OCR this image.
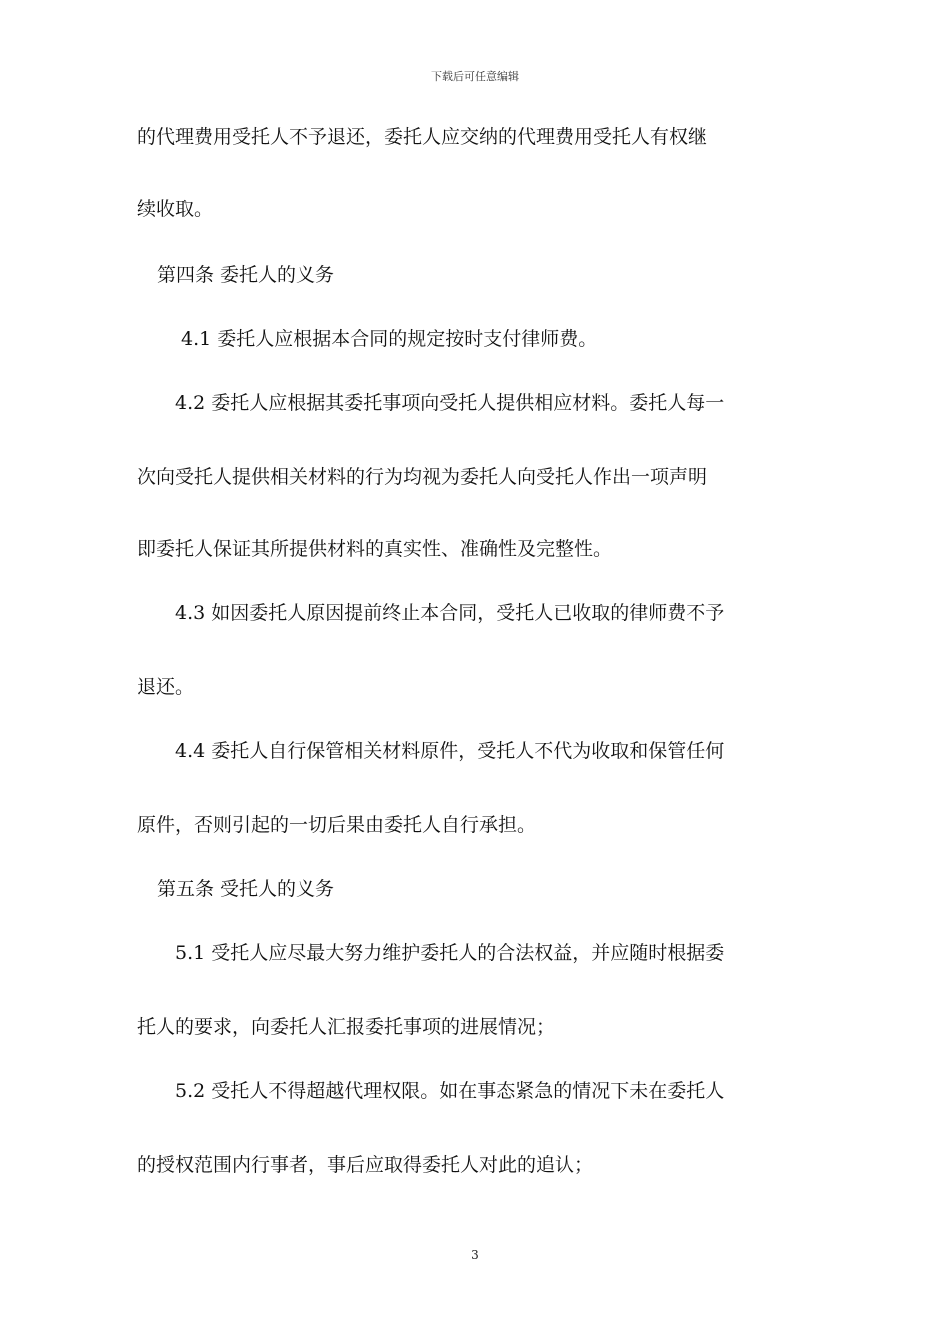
下载后可任意编辑
的代理费用受托人不予退还，委托人应交纳的代理费用受托人有权继
续收取。
第四条 委托人的义务
4.1 委托人应根据本合同的规定按时支付律师费。
4.2 委托人应根据其委托事项向受托人提供相应材料。委托人每一
次向受托人提供相关材料的行为均视为委托人向受托人作出一项声明
即委托人保证其所提供材料的真实性、准确性及完整性。
4.3 如因委托人原因提前终止本合同，受托人已收取的律师费不予
退还。
4.4 委托人自行保管相关材料原件，受托人不代为收取和保管任何
原件，否则引起的一切后果由委托人自行承担。
第五条 受托人的义务
5.1 受托人应尽最大努力维护委托人的合法权益，并应随时根据委
托人的要求，向委托人汇报委托事项的进展情况；
5.2 受托人不得超越代理权限。如在事态紧急的情况下未在委托人
的授权范围内行事者，事后应取得委托人对此的追认；
3
